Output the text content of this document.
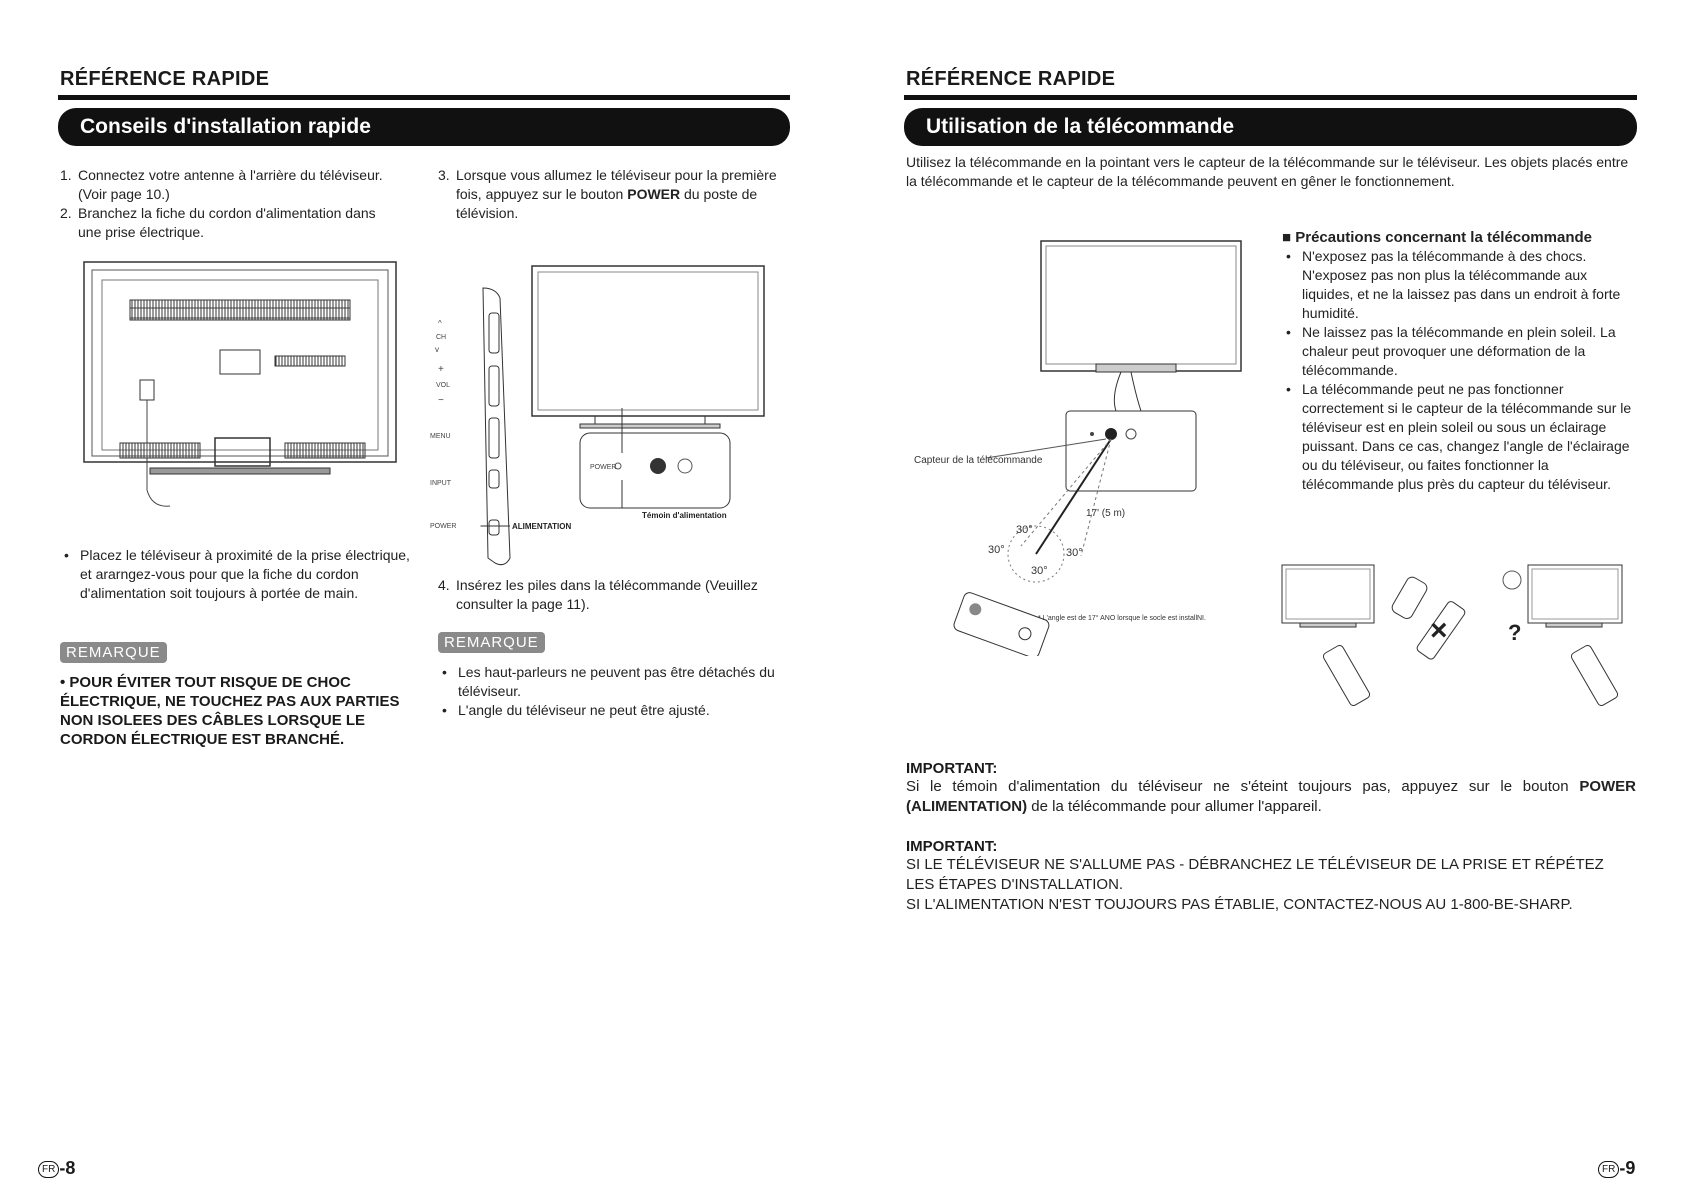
RÉFÉRENCE RAPIDE
Conseils d'installation rapide
1. Connectez votre antenne à l'arrière du téléviseur. (Voir page 10.)
2. Branchez la fiche du cordon d'alimentation dans une prise électrique.
3. Lorsque vous allumez le téléviseur pour la première fois, appuyez sur le bouton POWER du poste de télévision.
^
v
+
−
CH
VOL
MENU
INPUT
POWER
POWER
ALIMENTATION
Témoin d'alimentation
• Placez le téléviseur à proximité de la prise électrique, et ararngez-vous pour que la fiche du cordon d'alimentation soit toujours à portée de main.	4. Insérez les piles dans la télécommande (Veuillez consulter la page 11).
REMARQUE
• POUR ÉVITER TOUT RISQUE DE CHOC ÉLECTRIQUE, NE TOUCHEZ PAS AUX PARTIES NON ISOLEES DES CÂBLES LORSQUE LE CORDON ÉLECTRIQUE EST BRANCHÉ.
REMARQUE
• Les haut-parleurs ne peuvent pas être détachés du téléviseur.
• L'angle du téléviseur ne peut être ajusté.
FR -8
RÉFÉRENCE RAPIDE
Utilisation de la télécommande
Utilisez la télécommande en la pointant vers le capteur de la télécommande sur le téléviseur. Les objets placés entre la télécommande et le capteur de la télécommande peuvent en gêner le fonctionnement.
Capteur de la télécommande
30°
30°	30°
30°
17' (5 m)
* L'angle est de 17° ANO lorsque le socle est installNI.
■ Précautions concernant la télécommande
• N'exposez pas la télécommande à des chocs. N'exposez pas non plus la télécommande aux liquides, et ne la laissez pas dans un endroit à forte humidité.
• Ne laissez pas la télécommande en plein soleil. La chaleur peut provoquer une déformation de la télécommande.
• La télécommande peut ne pas fonctionner correctement si le capteur de la télécommande sur le téléviseur est en plein soleil ou sous un éclairage puissant. Dans ce cas, changez l'angle de l'éclairage ou du téléviseur, ou faites fonctionner la télécommande plus près du capteur du téléviseur.
×	?
IMPORTANT:
Si le témoin d'alimentation du téléviseur ne s'éteint toujours pas, appuyez sur le bouton POWER (ALIMENTATION) de la télécommande pour allumer l'appareil.
IMPORTANT:
SI LE TÉLÉVISEUR NE S'ALLUME PAS - DÉBRANCHEZ LE TÉLÉVISEUR DE LA PRISE ET RÉPÉTEZ LES ÉTAPES D'INSTALLATION.
SI L'ALIMENTATION N'EST TOUJOURS PAS ÉTABLIE, CONTACTEZ-NOUS AU 1-800-BE-SHARP.
FR -9
